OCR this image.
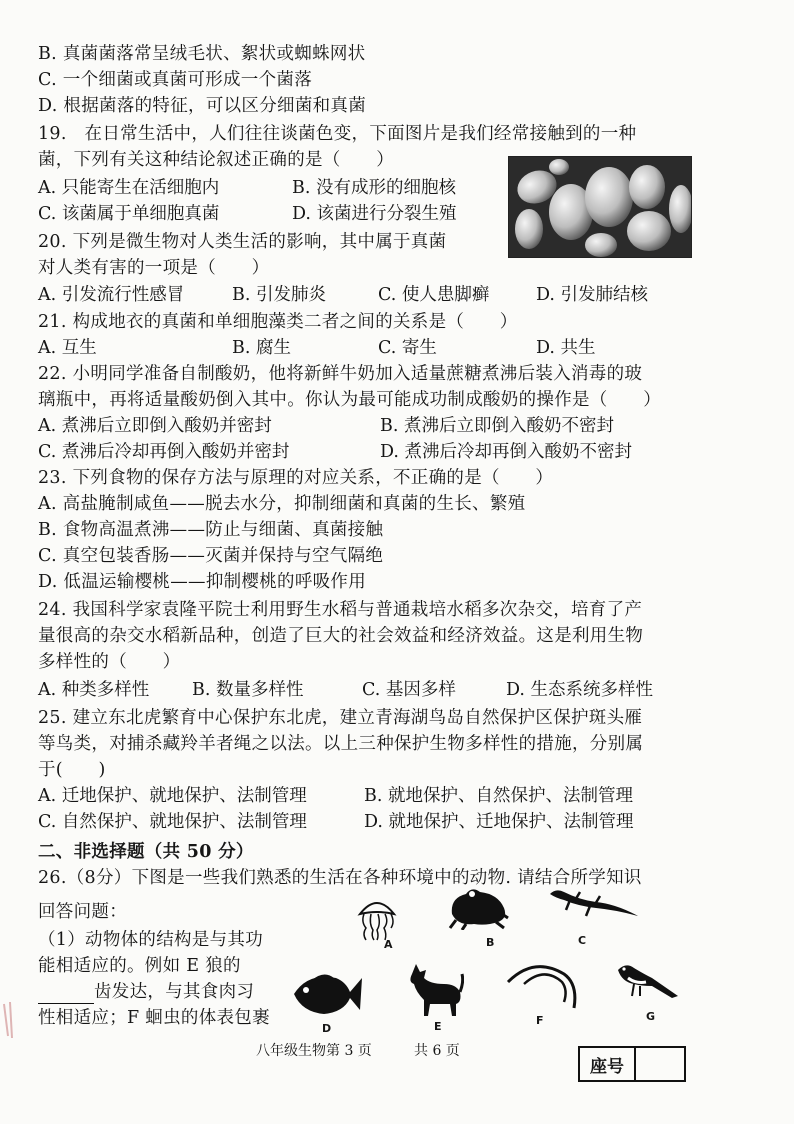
B. 真菌菌落常呈绒毛状、絮状或蜘蛛网状
C. 一个细菌或真菌可形成一个菌落
D. 根据菌落的特征，可以区分细菌和真菌
19.　在日常生活中，人们往往谈菌色变，下面图片是我们经常接触到的一种
菌，下列有关这种结论叙述正确的是（　　）
A. 只能寄生在活细胞内	B. 没有成形的细胞核
C. 该菌属于单细胞真菌	D. 该菌进行分裂生殖
20. 下列是微生物对人类生活的影响，其中属于真菌
对人类有害的一项是（　　）
A. 引发流行性感冒	B. 引发肺炎	C. 使人患脚癣	D. 引发肺结核
21. 构成地衣的真菌和单细胞藻类二者之间的关系是（　　）
A. 互生	B. 腐生	C. 寄生	D. 共生
22. 小明同学准备自制酸奶，他将新鲜牛奶加入适量蔗糖煮沸后装入消毒的玻
璃瓶中，再将适量酸奶倒入其中。你认为最可能成功制成酸奶的操作是（　　）
A. 煮沸后立即倒入酸奶并密封	B. 煮沸后立即倒入酸奶不密封
C. 煮沸后冷却再倒入酸奶并密封	D. 煮沸后冷却再倒入酸奶不密封
23. 下列食物的保存方法与原理的对应关系，不正确的是（　　）
A. 高盐腌制咸鱼——脱去水分，抑制细菌和真菌的生长、繁殖
B. 食物高温煮沸——防止与细菌、真菌接触
C. 真空包装香肠——灭菌并保持与空气隔绝
D. 低温运输樱桃——抑制樱桃的呼吸作用
24. 我国科学家袁隆平院士利用野生水稻与普通栽培水稻多次杂交，培育了产
量很高的杂交水稻新品种，创造了巨大的社会效益和经济效益。这是利用生物
多样性的（　　）
A. 种类多样性 B. 数量多样性	C. 基因多样	D. 生态系统多样性
25. 建立东北虎繁育中心保护东北虎，建立青海湖鸟岛自然保护区保护斑头雁
等鸟类，对捕杀藏羚羊者绳之以法。以上三种保护生物多样性的措施，分别属
于(　　)
A. 迁地保护、就地保护、法制管理	B. 就地保护、自然保护、法制管理
C. 自然保护、就地保护、法制管理	D. 就地保护、迁地保护、法制管理
二、非选择题（共 50 分）
26.（8分）下图是一些我们熟悉的生活在各种环境中的动物. 请结合所学知识
回答问题：
（1）动物体的结构是与其功
能相适应的。例如 E 狼的
齿发达，与其食肉习
性相适应；F 蛔虫的体表包裹
A	B	C
D	E	F	G
八年级生物第 3 页	共 6 页
座号
